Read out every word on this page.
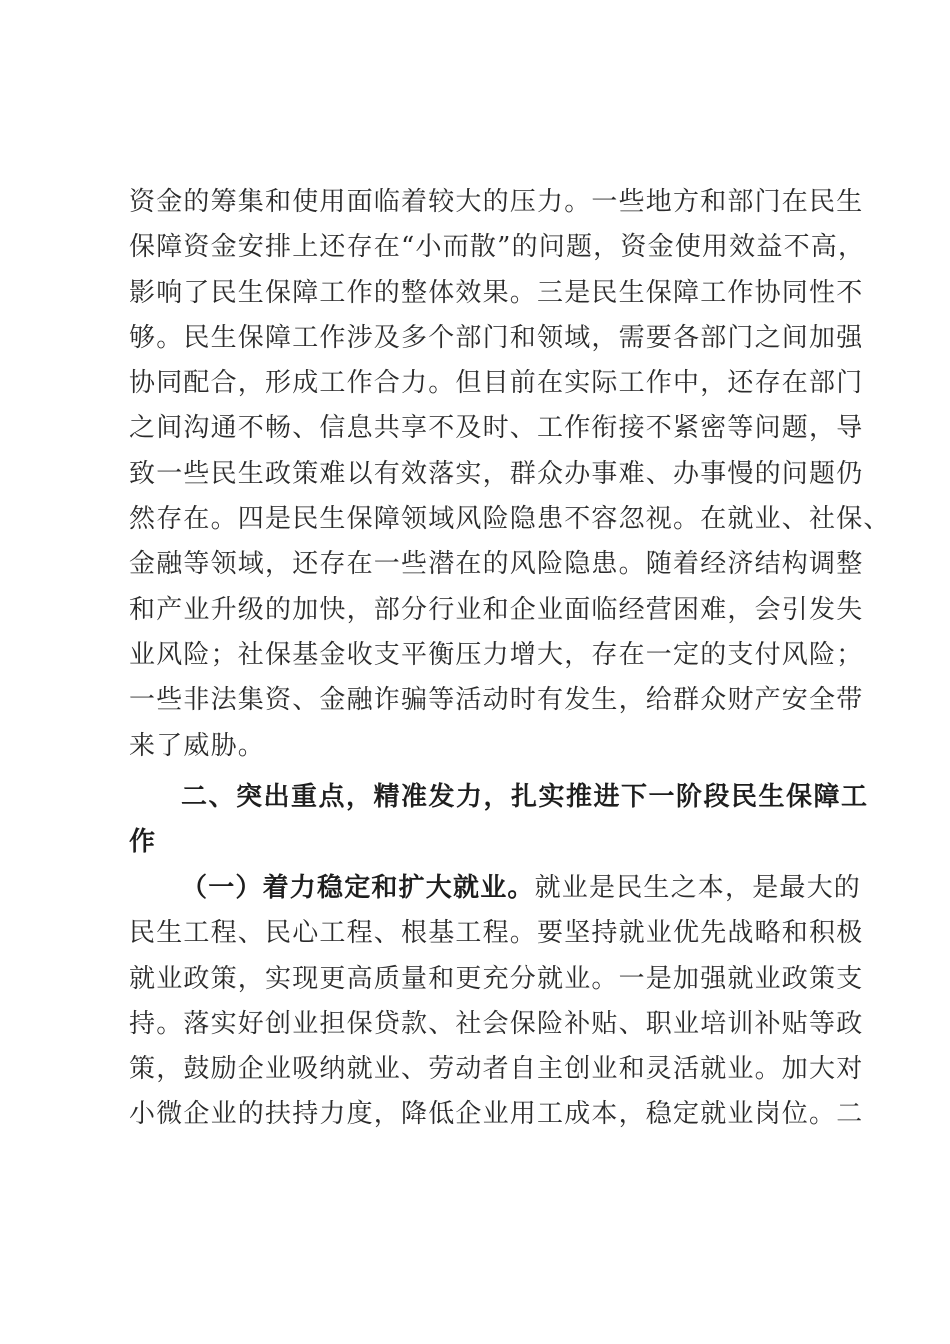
资金的筹集和使用面临着较大的压力。一些地方和部门在民生
保障资金安排上还存在“小而散”的问题，资金使用效益不高，
影响了民生保障工作的整体效果。三是民生保障工作协同性不
够。民生保障工作涉及多个部门和领域，需要各部门之间加强
协同配合，形成工作合力。但目前在实际工作中，还存在部门
之间沟通不畅、信息共享不及时、工作衔接不紧密等问题，导
致一些民生政策难以有效落实，群众办事难、办事慢的问题仍
然存在。四是民生保障领域风险隐患不容忽视。在就业、社保、
金融等领域，还存在一些潜在的风险隐患。随着经济结构调整
和产业升级的加快，部分行业和企业面临经营困难，会引发失
业风险；社保基金收支平衡压力增大，存在一定的支付风险；
一些非法集资、金融诈骗等活动时有发生，给群众财产安全带
来了威胁。
二、突出重点，精准发力，扎实推进下一阶段民生保障工
作
（一）着力稳定和扩大就业。就业是民生之本，是最大的
民生工程、民心工程、根基工程。要坚持就业优先战略和积极
就业政策，实现更高质量和更充分就业。一是加强就业政策支
持。落实好创业担保贷款、社会保险补贴、职业培训补贴等政
策，鼓励企业吸纳就业、劳动者自主创业和灵活就业。加大对
小微企业的扶持力度，降低企业用工成本，稳定就业岗位。二
